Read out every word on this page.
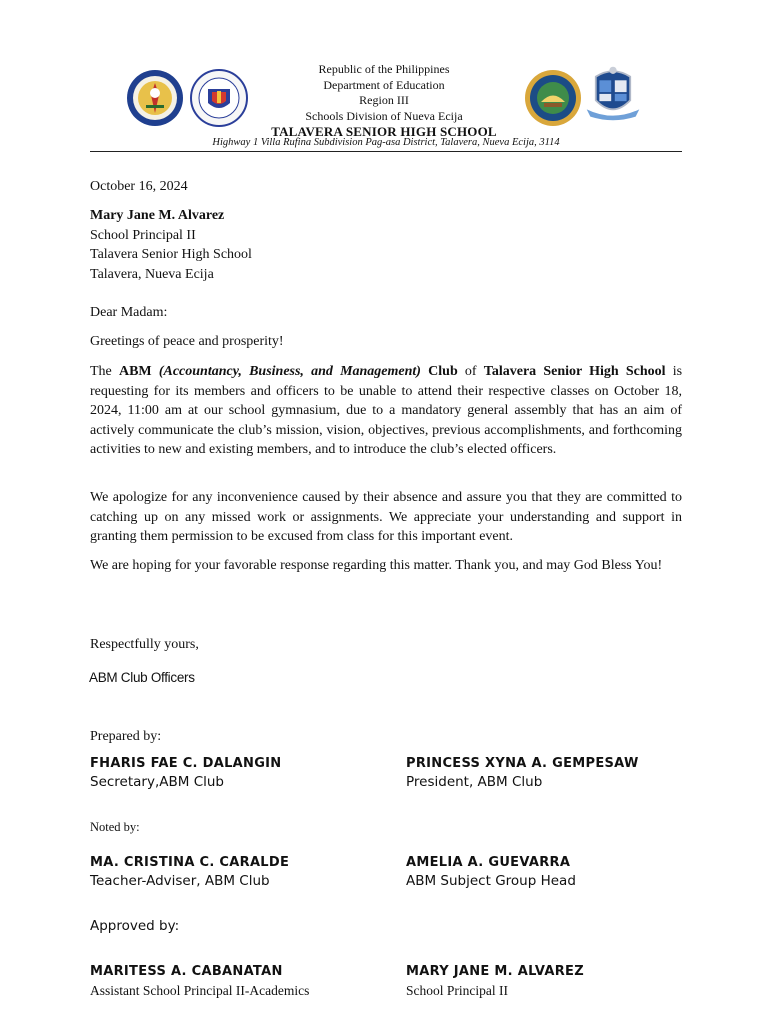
Republic of the Philippines
Department of Education
Region III
Schools Division of Nueva Ecija
TALAVERA SENIOR HIGH SCHOOL
Highway 1 Villa Rufina Subdivision Pag-asa District, Talavera, Nueva Ecija, 3114
October 16, 2024
Mary Jane M. Alvarez
School Principal II
Talavera Senior High School
Talavera, Nueva Ecija
Dear Madam:
Greetings of peace and prosperity!
The ABM (Accountancy, Business, and Management) Club of Talavera Senior High School is requesting for its members and officers to be unable to attend their respective classes on October 18, 2024, 11:00 am at our school gymnasium, due to a mandatory general assembly that has an aim of actively communicate the club’s mission, vision, objectives, previous accomplishments, and forthcoming activities to new and existing members, and to introduce the club’s elected officers.
We apologize for any inconvenience caused by their absence and assure you that they are committed to catching up on any missed work or assignments. We appreciate your understanding and support in granting them permission to be excused from class for this important event.
We are hoping for your favorable response regarding this matter. Thank you, and may God Bless You!
Respectfully yours,
ABM Club Officers
Prepared by:
FHARIS FAE C. DALANGIN
Secretary,ABM Club
PRINCESS XYNA A. GEMPESAW
President, ABM Club
Noted by:
MA. CRISTINA C. CARALDE
Teacher-Adviser, ABM Club
AMELIA A. GUEVARRA
ABM Subject Group Head
Approved by:
MARITESS A. CABANATAN
Assistant School Principal II-Academics
MARY JANE M. ALVAREZ
School Principal II
